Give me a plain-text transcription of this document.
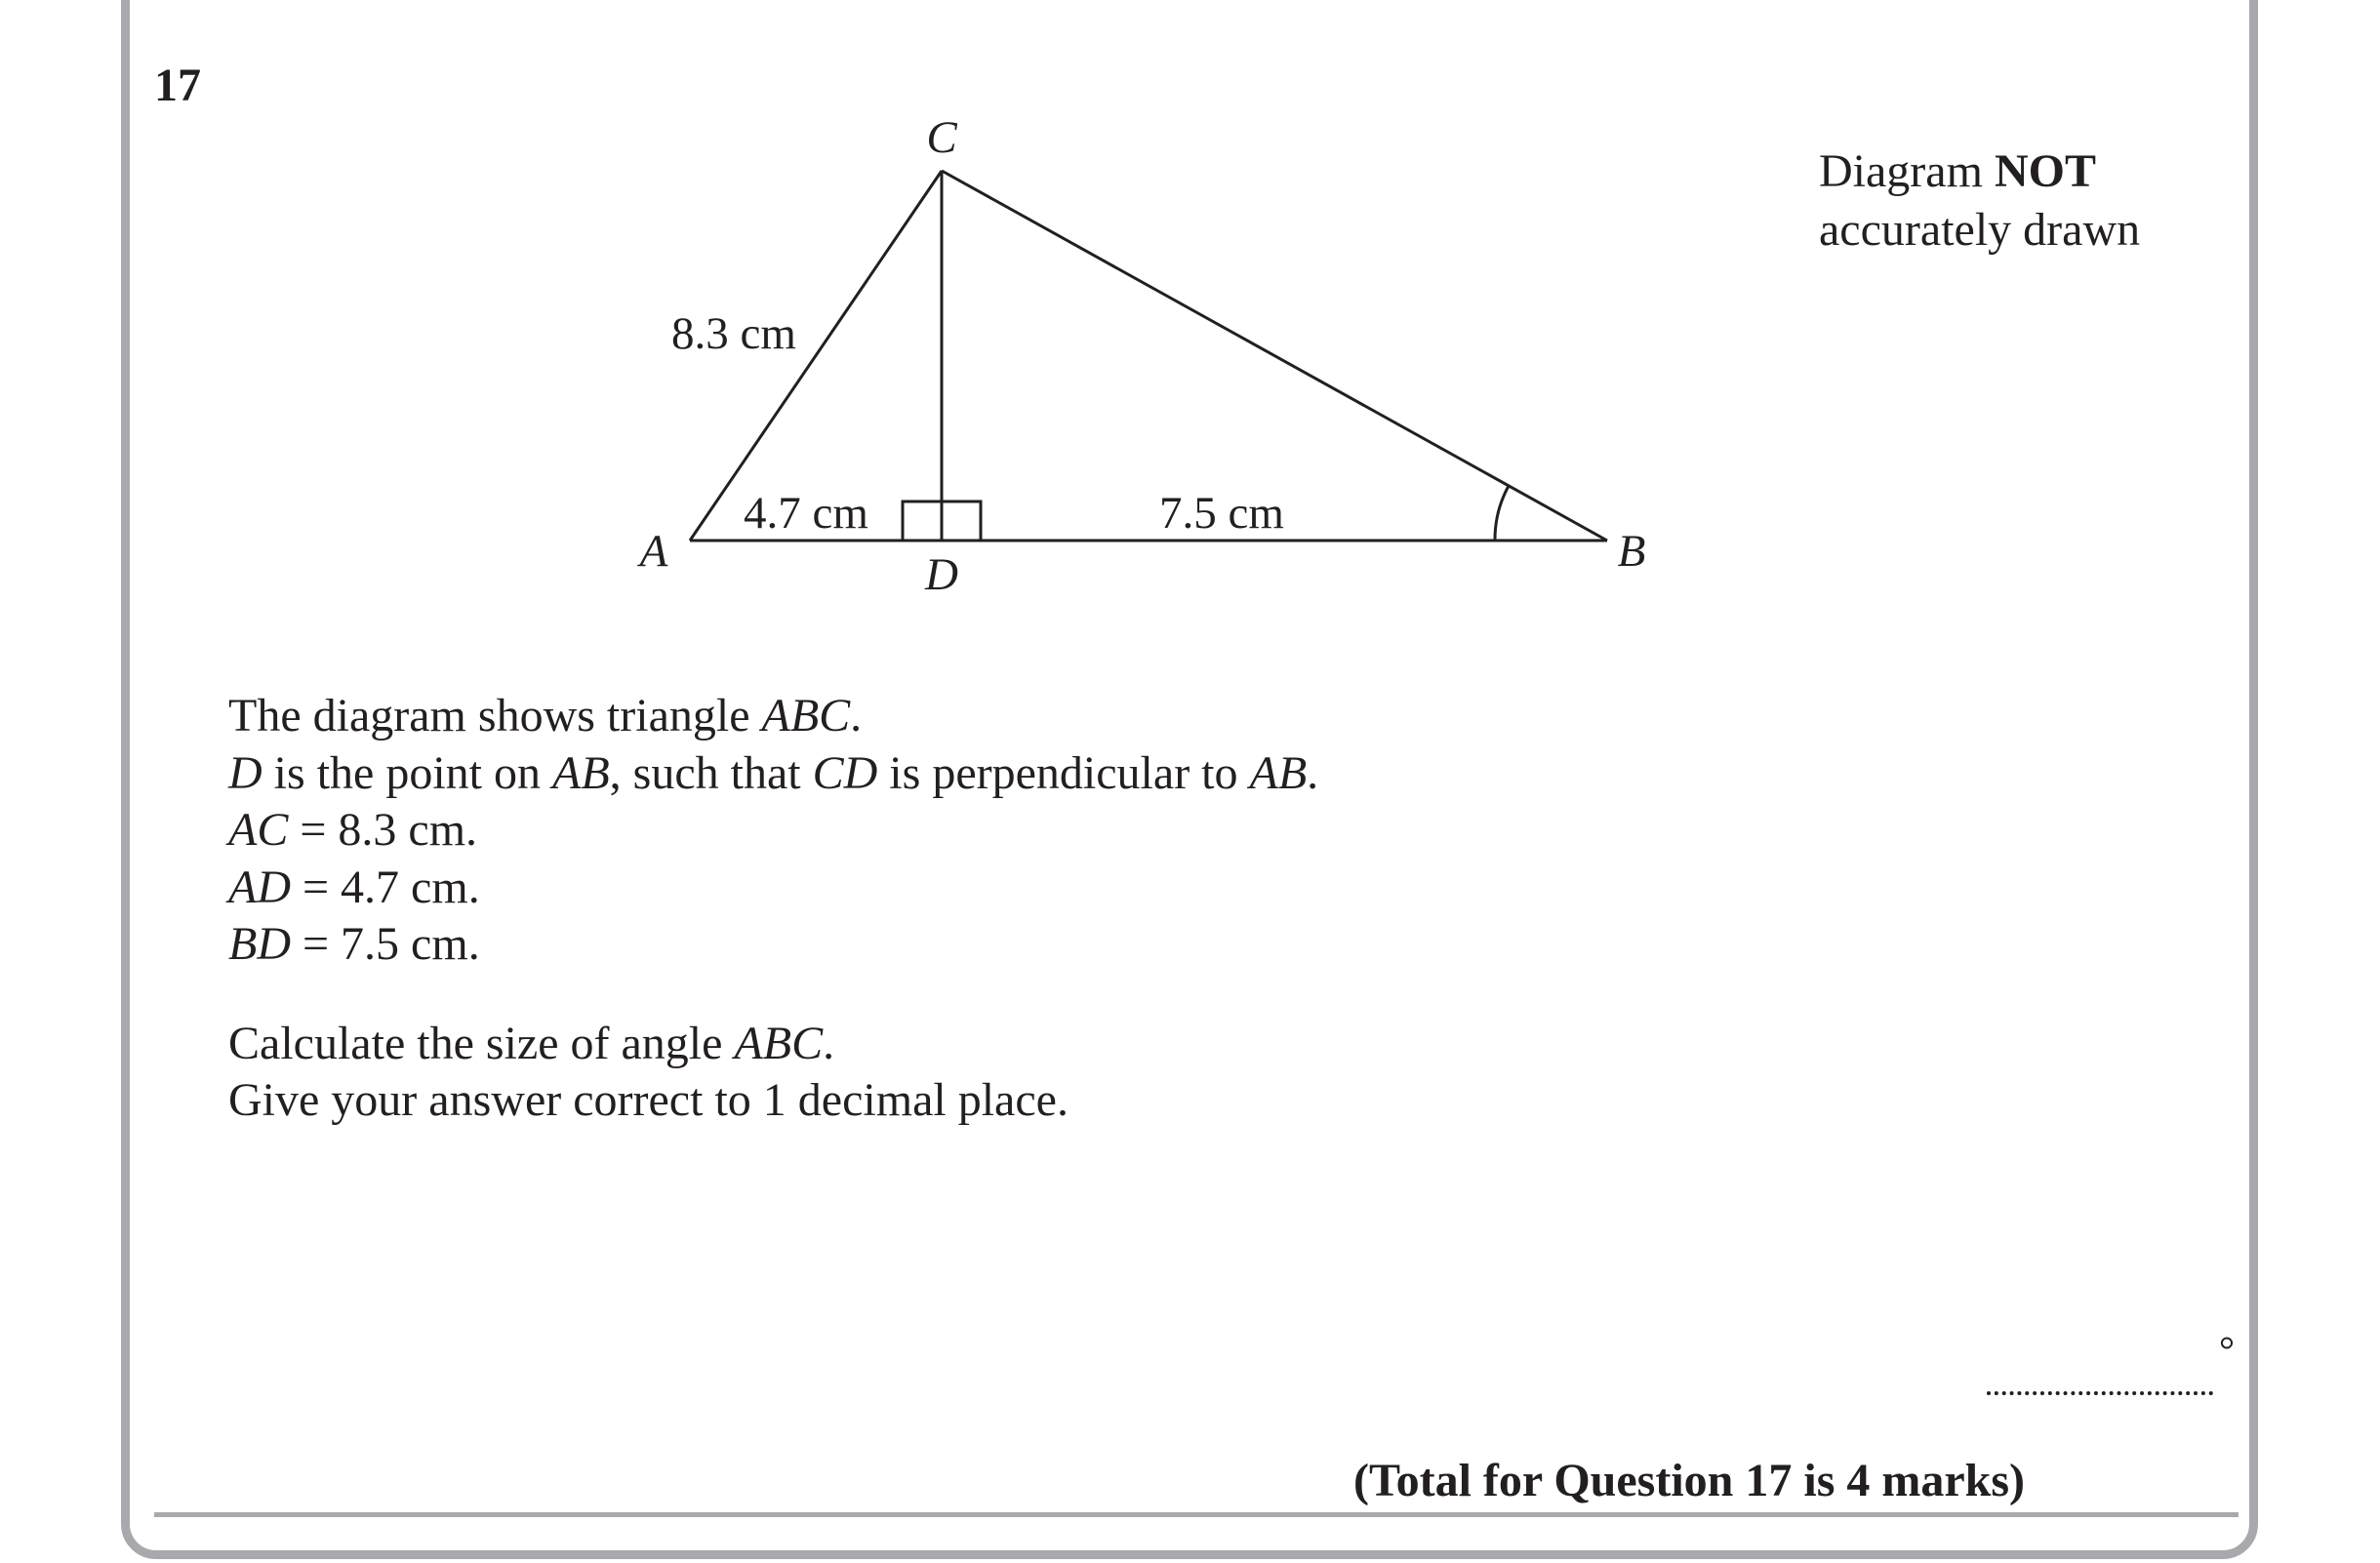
17
C
A	D	B
8.3 cm
4.7 cm	7.5 cm
Diagram NOT
accurately drawn

The diagram shows triangle ABC.

D is the point on AB, such that CD is perpendicular to AB.

AC = 8.3 cm.

AD = 4.7 cm.

BD = 7.5 cm.

Calculate the size of angle ABC.

Give your answer correct to 1 decimal place.

°
(Total for Question 17 is 4 marks)
